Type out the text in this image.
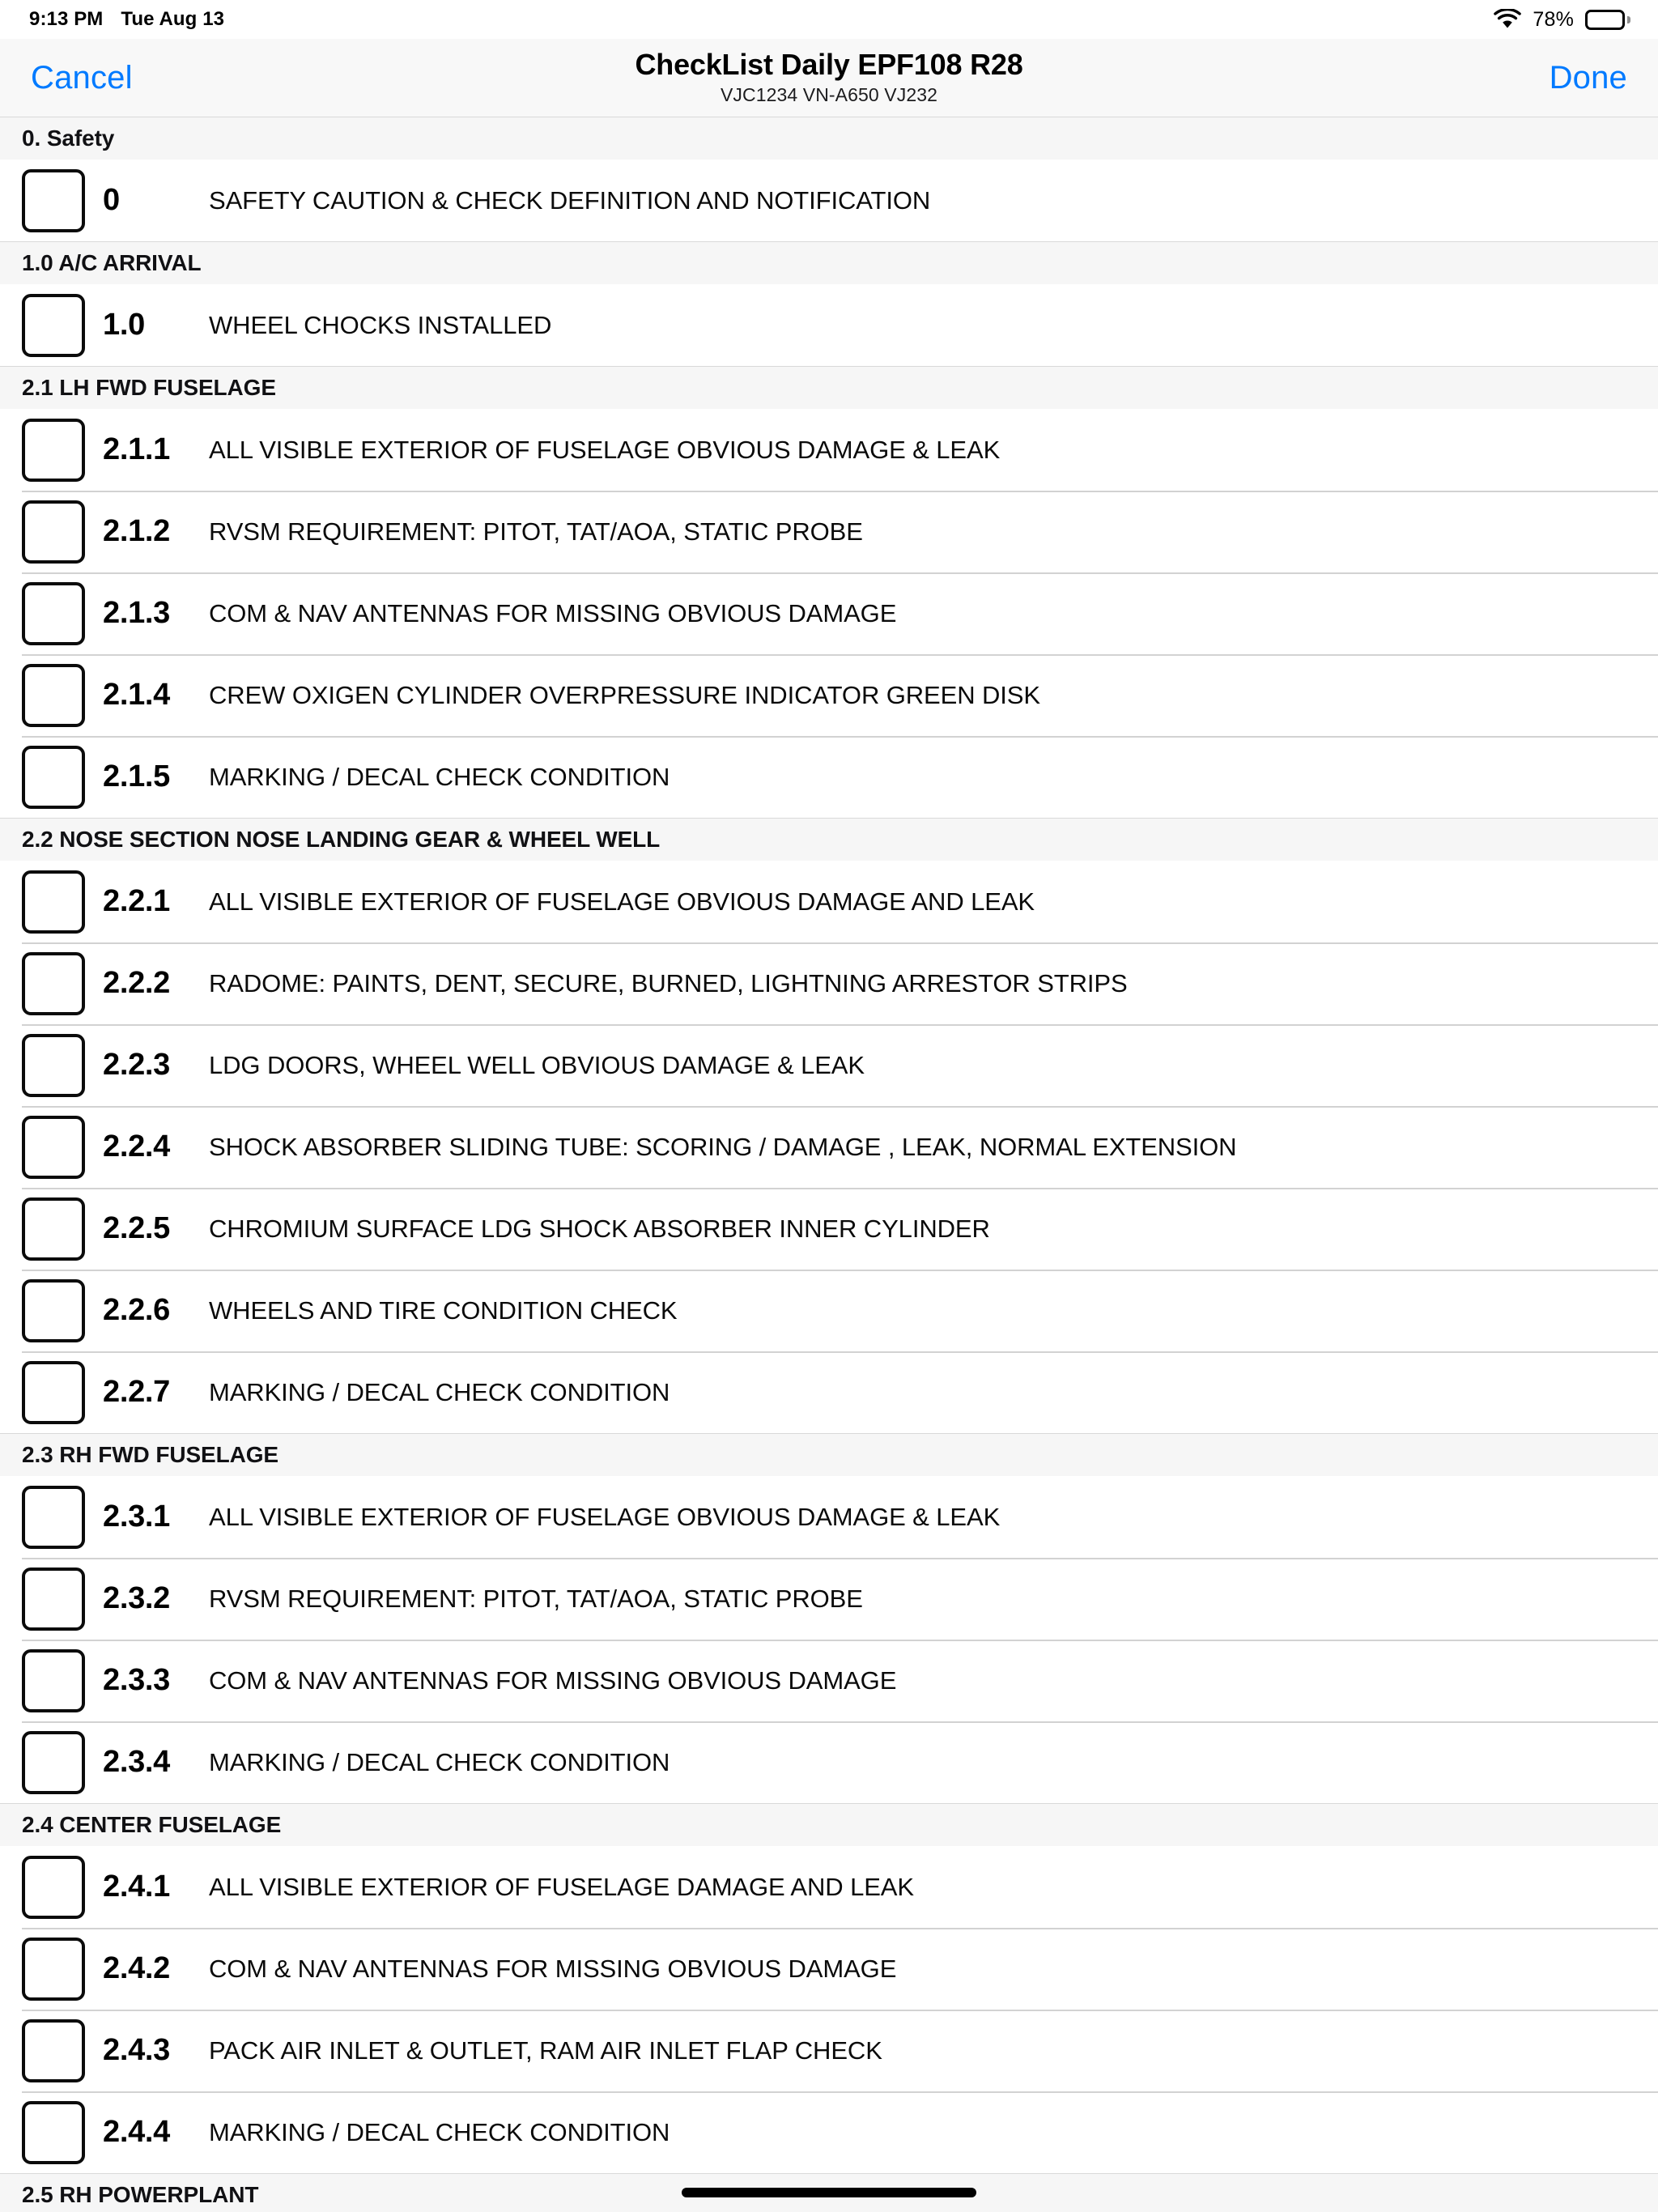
9:13 PM Tue Aug 13	78%
Cancel	CheckList Daily EPF108 R28
VJC1234 VN-A650 VJ232	Done
0. Safety
0	SAFETY CAUTION & CHECK DEFINITION AND NOTIFICATION
1.0 A/C ARRIVAL
1.0	WHEEL CHOCKS INSTALLED
2.1 LH FWD FUSELAGE
2.1.1	ALL VISIBLE EXTERIOR OF FUSELAGE OBVIOUS DAMAGE & LEAK
2.1.2	RVSM REQUIREMENT: PITOT, TAT/AOA, STATIC PROBE
2.1.3	COM & NAV ANTENNAS FOR MISSING OBVIOUS DAMAGE
2.1.4	CREW OXIGEN CYLINDER OVERPRESSURE INDICATOR GREEN DISK
2.1.5	MARKING / DECAL CHECK CONDITION
2.2 NOSE SECTION NOSE LANDING GEAR & WHEEL WELL
2.2.1	ALL VISIBLE EXTERIOR OF FUSELAGE OBVIOUS DAMAGE AND LEAK
2.2.2	RADOME: PAINTS, DENT, SECURE, BURNED, LIGHTNING ARRESTOR STRIPS
2.2.3	LDG DOORS, WHEEL WELL OBVIOUS DAMAGE & LEAK
2.2.4	SHOCK ABSORBER SLIDING TUBE: SCORING / DAMAGE , LEAK, NORMAL EXTENSION
2.2.5	CHROMIUM SURFACE LDG SHOCK ABSORBER INNER CYLINDER
2.2.6	WHEELS AND TIRE CONDITION CHECK
2.2.7	MARKING / DECAL CHECK CONDITION
2.3 RH FWD FUSELAGE
2.3.1	ALL VISIBLE EXTERIOR OF FUSELAGE OBVIOUS DAMAGE & LEAK
2.3.2	RVSM REQUIREMENT: PITOT, TAT/AOA, STATIC PROBE
2.3.3	COM & NAV ANTENNAS FOR MISSING OBVIOUS DAMAGE
2.3.4	MARKING / DECAL CHECK CONDITION
2.4 CENTER FUSELAGE
2.4.1	ALL VISIBLE EXTERIOR OF FUSELAGE DAMAGE AND LEAK
2.4.2	COM & NAV ANTENNAS FOR MISSING OBVIOUS DAMAGE
2.4.3	PACK AIR INLET & OUTLET, RAM AIR INLET FLAP CHECK
2.4.4	MARKING / DECAL CHECK CONDITION
2.5 RH POWERPLANT
